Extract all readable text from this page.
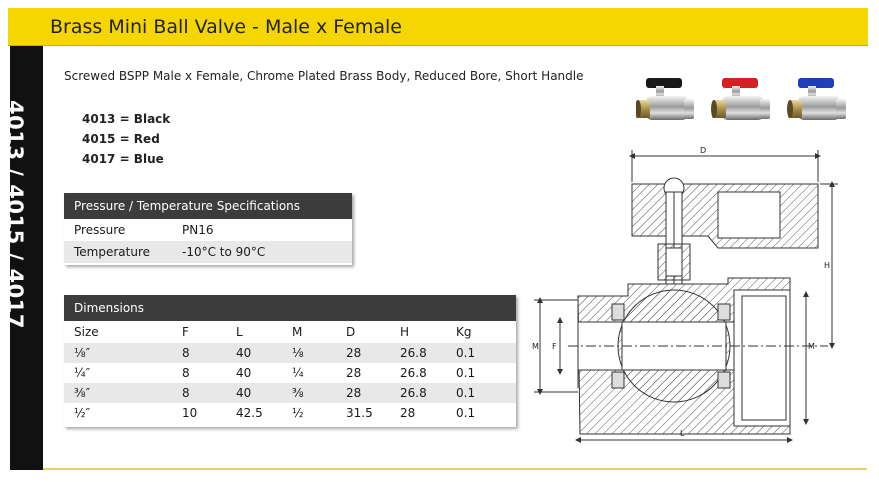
Brass Mini Ball Valve - Male x Female
4013 / 4015 / 4017
Screwed BSPP Male x Female, Chrome Plated Brass Body, Reduced Bore, Short Handle
4013 = Black
4015 = Red
4017 = Blue
Pressure / Temperature Specifications
Pressure	PN16
Temperature	-10°C to 90°C
Dimensions
Size	F	L	M	D	H	Kg
⅛″	8	40	⅛	28	26.8	0.1
¼″	8	40	¼	28	26.8	0.1
⅜″	8	40	⅜	28	26.8	0.1
½″	10	42.5	½	31.5	28	0.1
D
H
M F	M
L
